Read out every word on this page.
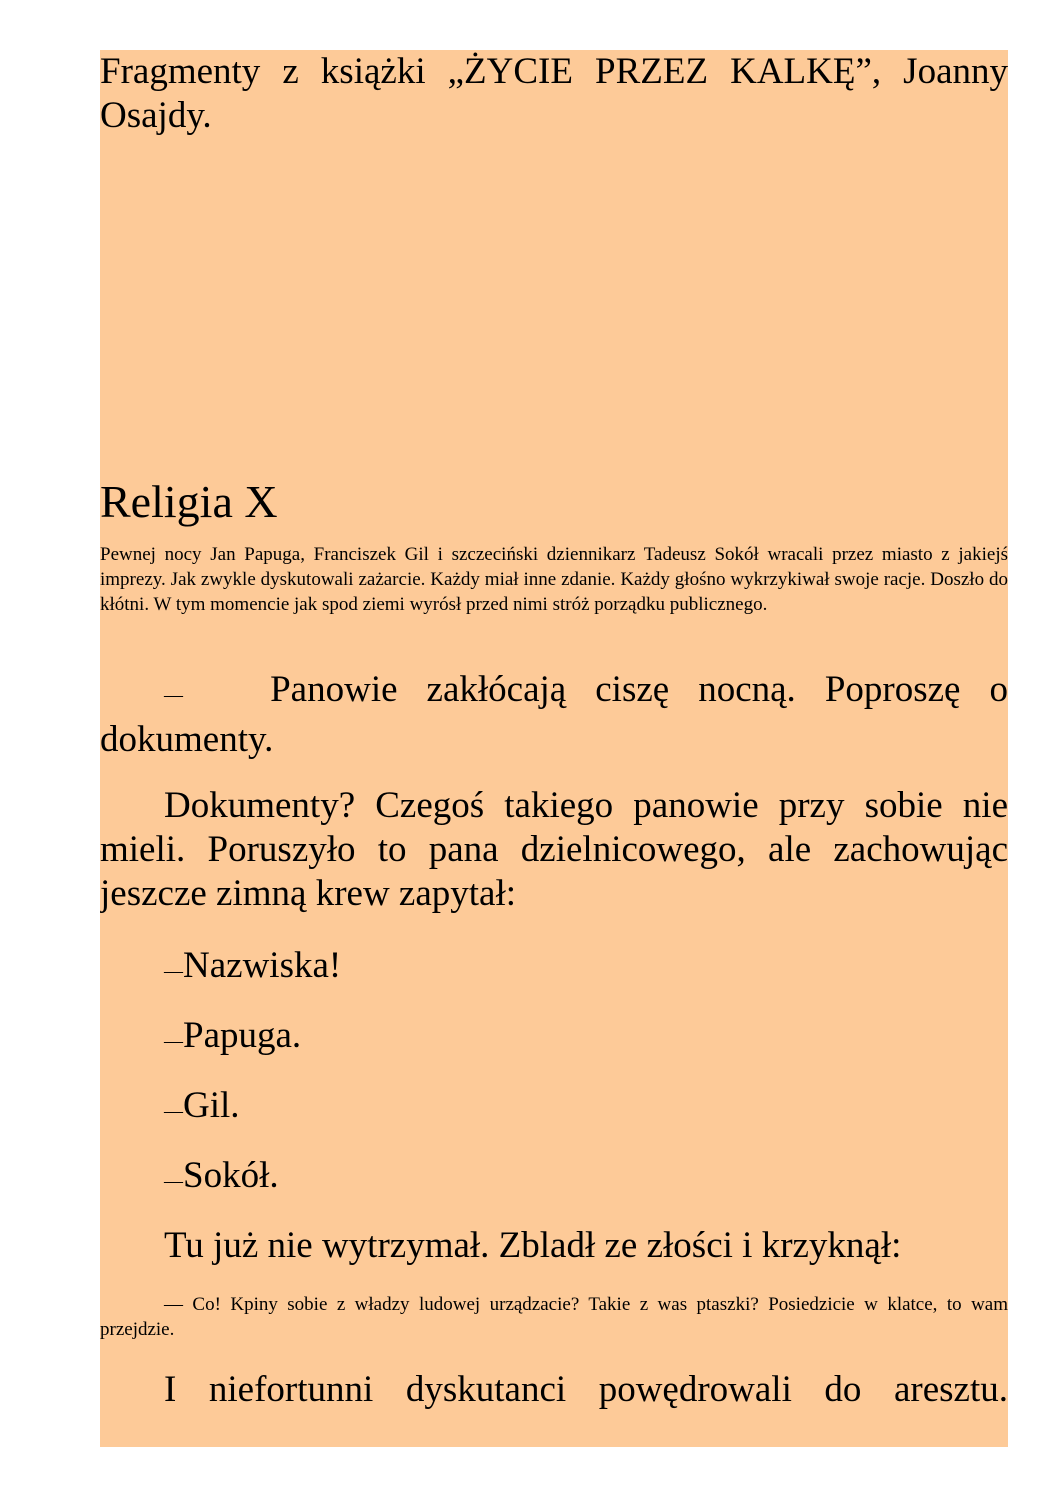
Fragmenty z książki „ŻYCIE PRZEZ KALKĘ”, Joanny Osajdy.

Religia X

Pewnej nocy Jan Papuga, Franciszek Gil i szczeciński dziennikarz Tadeusz Sokół wracali przez miasto z jakiejś imprezy. Jak zwykle dyskutowali zażarcie. Każdy miał inne zdanie. Każdy głośno wykrzykiwał swoje racje. Doszło do kłótni. W tym momencie jak spod ziemi wyrósł przed nimi stróż porządku publicznego.

— Panowie zakłócają ciszę nocną. Poproszę o dokumenty.

Dokumenty? Czegoś takiego panowie przy sobie nie mieli. Poruszyło to pana dzielnicowego, ale zachowując jeszcze zimną krew zapytał:

—Nazwiska!

—Papuga.

—Gil.

—Sokół.

Tu już nie wytrzymał. Zbladł ze złości i krzyknął:

— Co! Kpiny sobie z władzy ludowej urządzacie? Takie z was ptaszki? Posiedzicie w klatce, to wam przejdzie.

I niefortunni dyskutanci powędrowali do aresztu.
